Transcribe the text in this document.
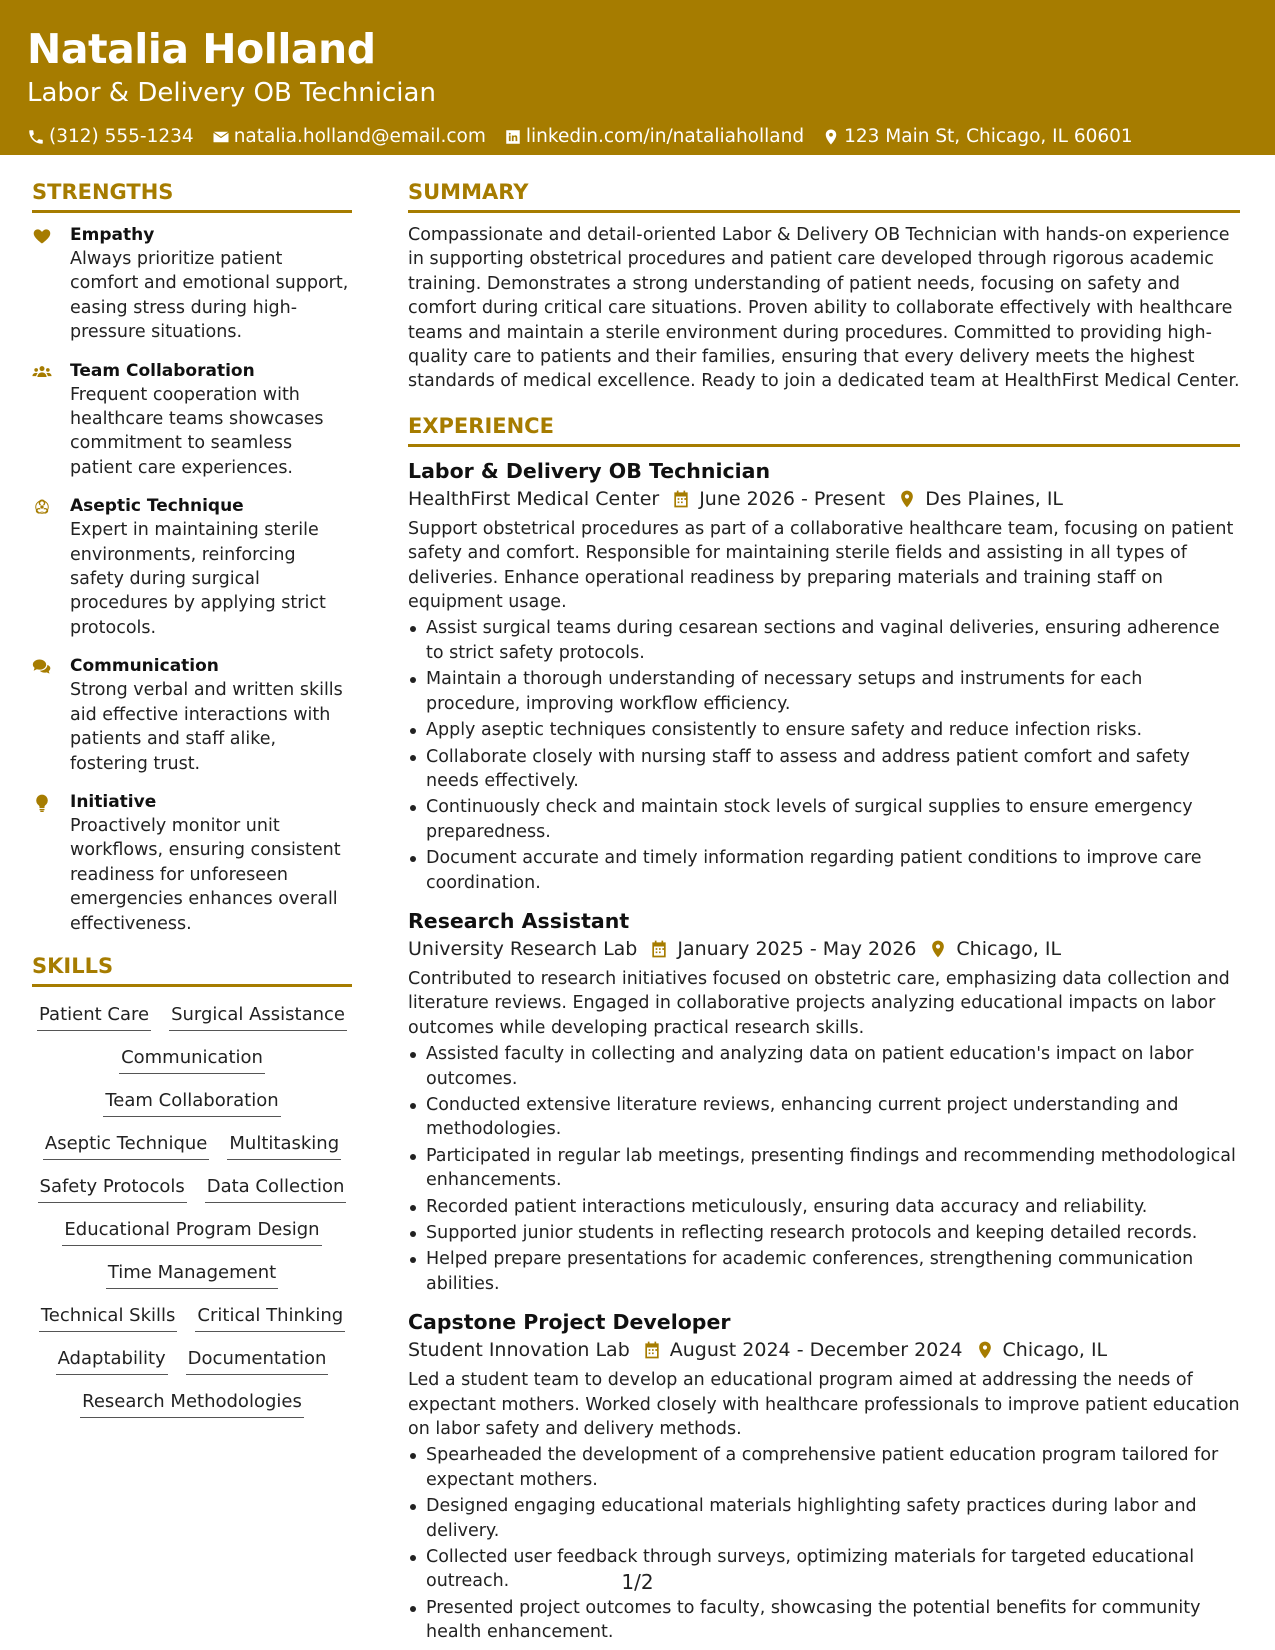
Natalia Holland
Labor & Delivery OB Technician
(312) 555-1234 natalia.holland@email.com linkedin.com/in/nataliaholland 123 Main St, Chicago, IL 60601
STRENGTHS
Empathy
Always prioritize patient comfort and emotional support, easing stress during high-pressure situations.
Team Collaboration
Frequent cooperation with healthcare teams showcases commitment to seamless patient care experiences.
Aseptic Technique
Expert in maintaining sterile environments, reinforcing safety during surgical procedures by applying strict protocols.
Communication
Strong verbal and written skills aid effective interactions with patients and staff alike, fostering trust.
Initiative
Proactively monitor unit workflows, ensuring consistent readiness for unforeseen emergencies enhances overall effectiveness.
SKILLS
Patient Care Surgical Assistance
Communication
Team Collaboration
Aseptic Technique Multitasking
Safety Protocols Data Collection
Educational Program Design
Time Management
Technical Skills Critical Thinking
Adaptability Documentation
Research Methodologies
SUMMARY
Compassionate and detail-oriented Labor & Delivery OB Technician with hands-on experience in supporting obstetrical procedures and patient care developed through rigorous academic training. Demonstrates a strong understanding of patient needs, focusing on safety and comfort during critical care situations. Proven ability to collaborate effectively with healthcare teams and maintain a sterile environment during procedures. Committed to providing high-quality care to patients and their families, ensuring that every delivery meets the highest standards of medical excellence. Ready to join a dedicated team at HealthFirst Medical Center.
EXPERIENCE
Labor & Delivery OB Technician
HealthFirst Medical Center June 2026 - Present Des Plaines, IL
Support obstetrical procedures as part of a collaborative healthcare team, focusing on patient safety and comfort. Responsible for maintaining sterile fields and assisting in all types of deliveries. Enhance operational readiness by preparing materials and training staff on equipment usage.
Assist surgical teams during cesarean sections and vaginal deliveries, ensuring adherence to strict safety protocols.
Maintain a thorough understanding of necessary setups and instruments for each procedure, improving workflow efficiency.
Apply aseptic techniques consistently to ensure safety and reduce infection risks.
Collaborate closely with nursing staff to assess and address patient comfort and safety needs effectively.
Continuously check and maintain stock levels of surgical supplies to ensure emergency preparedness.
Document accurate and timely information regarding patient conditions to improve care coordination.
Research Assistant
University Research Lab January 2025 - May 2026 Chicago, IL
Contributed to research initiatives focused on obstetric care, emphasizing data collection and literature reviews. Engaged in collaborative projects analyzing educational impacts on labor outcomes while developing practical research skills.
Assisted faculty in collecting and analyzing data on patient education's impact on labor outcomes.
Conducted extensive literature reviews, enhancing current project understanding and methodologies.
Participated in regular lab meetings, presenting findings and recommending methodological enhancements.
Recorded patient interactions meticulously, ensuring data accuracy and reliability.
Supported junior students in reflecting research protocols and keeping detailed records.
Helped prepare presentations for academic conferences, strengthening communication abilities.
Capstone Project Developer
Student Innovation Lab August 2024 - December 2024 Chicago, IL
Led a student team to develop an educational program aimed at addressing the needs of expectant mothers. Worked closely with healthcare professionals to improve patient education on labor safety and delivery methods.
Spearheaded the development of a comprehensive patient education program tailored for expectant mothers.
Designed engaging educational materials highlighting safety practices during labor and delivery.
Collected user feedback through surveys, optimizing materials for targeted educational outreach.
Presented project outcomes to faculty, showcasing the potential benefits for community health enhancement.
1/2
